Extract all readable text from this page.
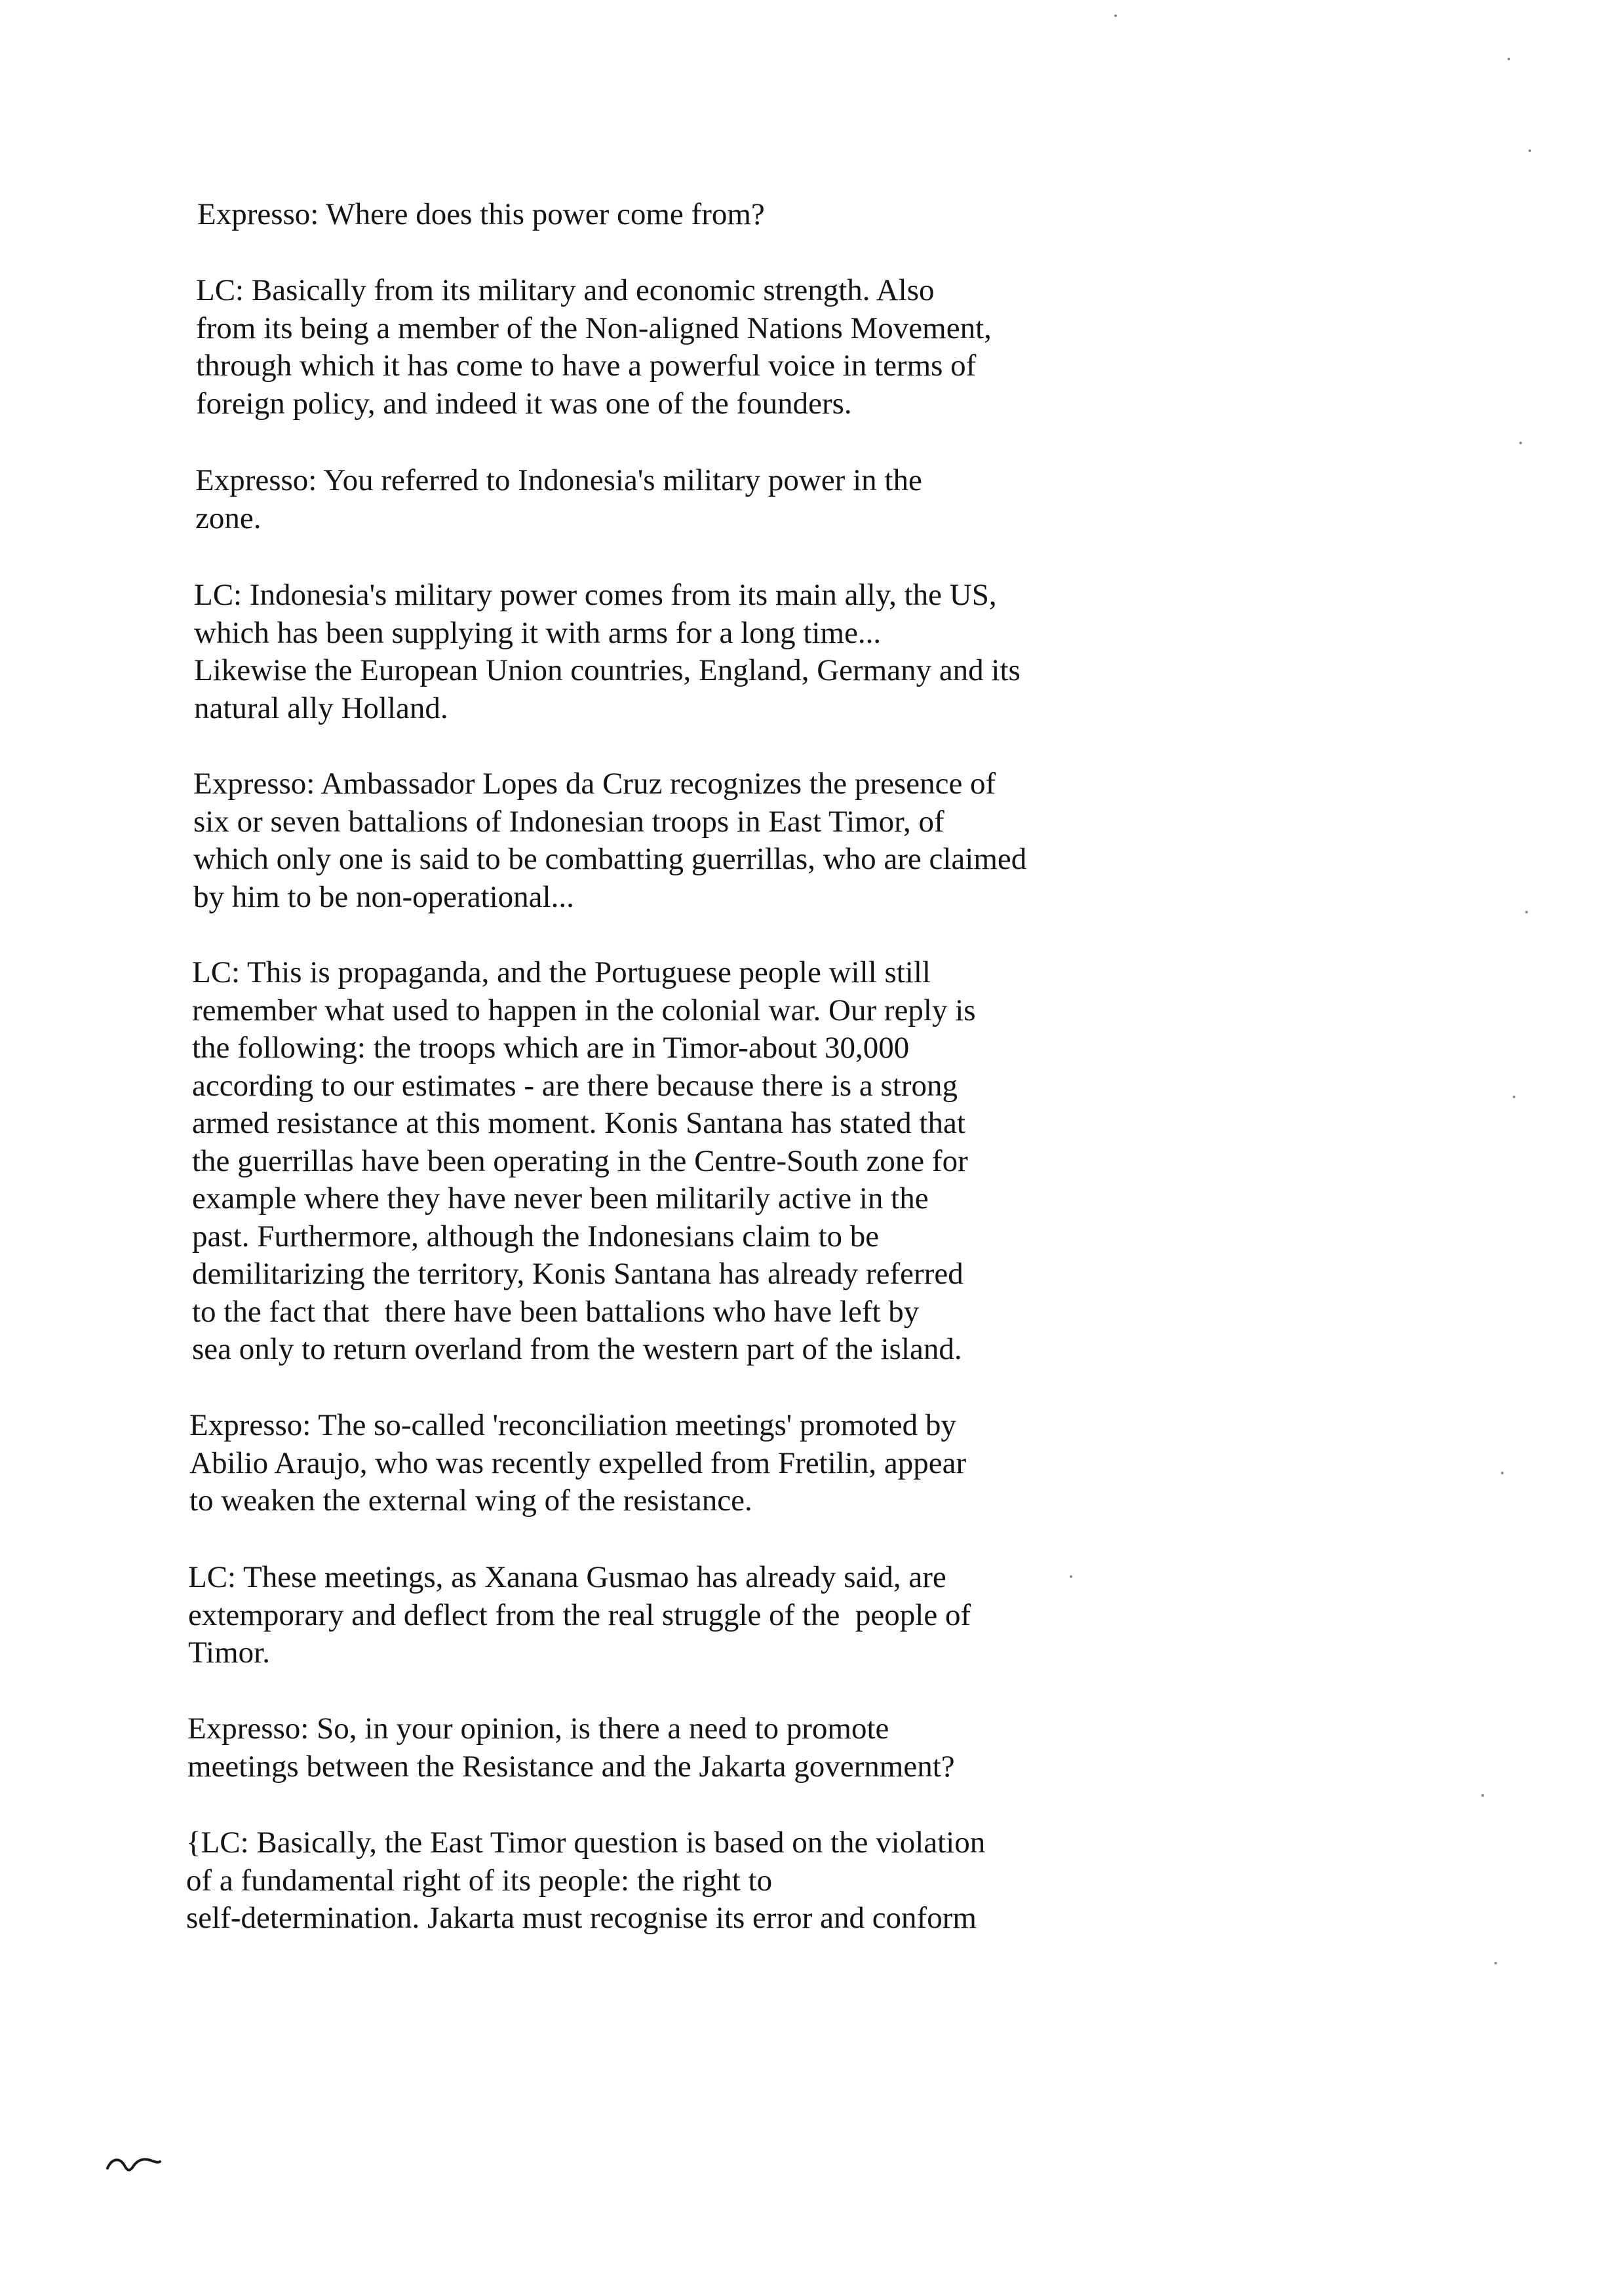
Expresso: Where does this power come from?
LC: Basically from its military and economic strength. Also
from its being a member of the Non-aligned Nations Movement,
through which it has come to have a powerful voice in terms of
foreign policy, and indeed it was one of the founders.
Expresso: You referred to Indonesia's military power in the
zone.
LC: Indonesia's military power comes from its main ally, the US,
which has been supplying it with arms for a long time...
Likewise the European Union countries, England, Germany and its
natural ally Holland.
Expresso: Ambassador Lopes da Cruz recognizes the presence of
six or seven battalions of Indonesian troops in East Timor, of
which only one is said to be combatting guerrillas, who are claimed
by him to be non-operational...
LC: This is propaganda, and the Portuguese people will still
remember what used to happen in the colonial war. Our reply is
the following: the troops which are in Timor-about 30,000
according to our estimates - are there because there is a strong
armed resistance at this moment. Konis Santana has stated that
the guerrillas have been operating in the Centre-South zone for
example where they have never been militarily active in the
past. Furthermore, although the Indonesians claim to be
demilitarizing the territory, Konis Santana has already referred
to the fact that  there have been battalions who have left by
sea only to return overland from the western part of the island.
Expresso: The so-called 'reconciliation meetings' promoted by
Abilio Araujo, who was recently expelled from Fretilin, appear
to weaken the external wing of the resistance.
LC: These meetings, as Xanana Gusmao has already said, are
extemporary and deflect from the real struggle of the  people of
Timor.
Expresso: So, in your opinion, is there a need to promote
meetings between the Resistance and the Jakarta government?
{LC: Basically, the East Timor question is based on the violation
of a fundamental right of its people: the right to
self-determination. Jakarta must recognise its error and conform
